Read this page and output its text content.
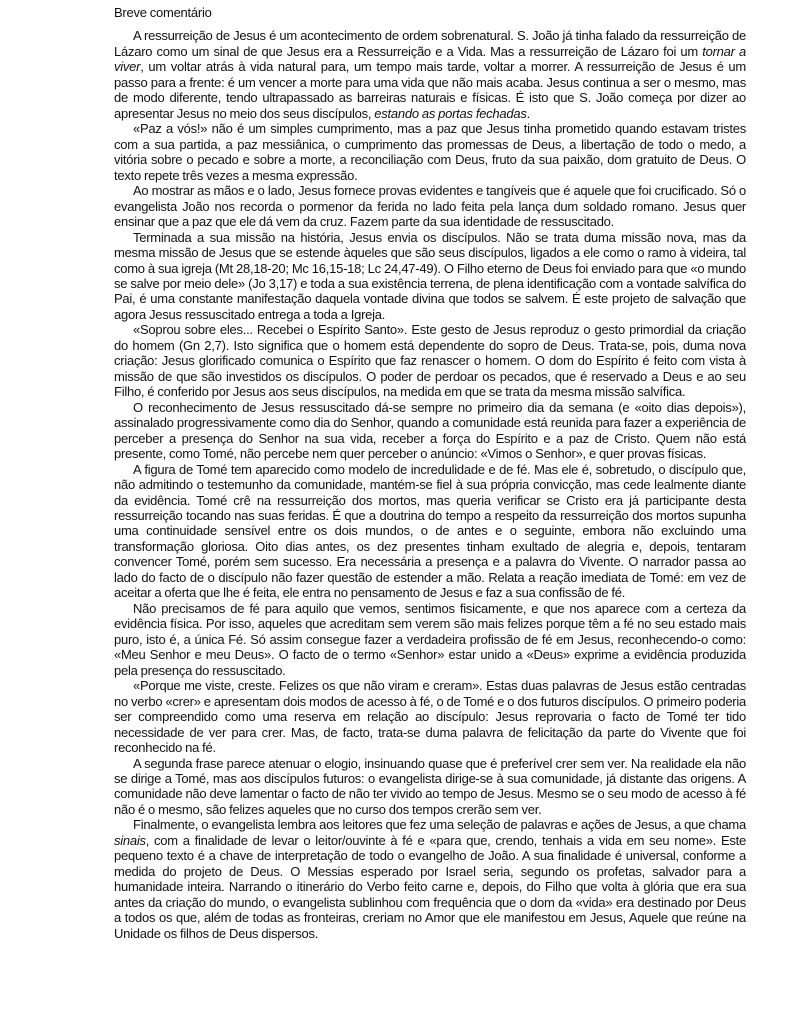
Breve comentário

A ressurreição de Jesus é um acontecimento de ordem sobrenatural. S. João já tinha falado da ressurreição de Lázaro como um sinal de que Jesus era a Ressurreição e a Vida. Mas a ressurreição de Lázaro foi um tornar a viver, um voltar atrás à vida natural para, um tempo mais tarde, voltar a morrer. A ressurreição de Jesus é um passo para a frente: é um vencer a morte para uma vida que não mais acaba. Jesus continua a ser o mesmo, mas de modo diferente, tendo ultrapassado as barreiras naturais e físicas. É isto que S. João começa por dizer ao apresentar Jesus no meio dos seus discípulos, estando as portas fechadas.

«Paz a vós!» não é um simples cumprimento, mas a paz que Jesus tinha prometido quando estavam tristes com a sua partida, a paz messiânica, o cumprimento das promessas de Deus, a libertação de todo o medo, a vitória sobre o pecado e sobre a morte, a reconciliação com Deus, fruto da sua paixão, dom gratuito de Deus. O texto repete três vezes a mesma expressão.

Ao mostrar as mãos e o lado, Jesus fornece provas evidentes e tangíveis que é aquele que foi crucificado. Só o evangelista João nos recorda o pormenor da ferida no lado feita pela lança dum soldado romano. Jesus quer ensinar que a paz que ele dá vem da cruz. Fazem parte da sua identidade de ressuscitado.

Terminada a sua missão na história, Jesus envia os discípulos. Não se trata duma missão nova, mas da mesma missão de Jesus que se estende àqueles que são seus discípulos, ligados a ele como o ramo à videira, tal como à sua igreja (Mt 28,18-20; Mc 16,15-18; Lc 24,47-49). O Filho eterno de Deus foi enviado para que «o mundo se salve por meio dele» (Jo 3,17) e toda a sua existência terrena, de plena identificação com a vontade salvífica do Pai, é uma constante manifestação daquela vontade divina que todos se salvem. É este projeto de salvação que agora Jesus ressuscitado entrega a toda a Igreja.

«Soprou sobre eles... Recebei o Espírito Santo». Este gesto de Jesus reproduz o gesto primordial da criação do homem (Gn 2,7). Isto significa que o homem está dependente do sopro de Deus. Trata-se, pois, duma nova criação: Jesus glorificado comunica o Espírito que faz renascer o homem. O dom do Espírito é feito com vista à missão de que são investidos os discípulos. O poder de perdoar os pecados, que é reservado a Deus e ao seu Filho, é conferido por Jesus aos seus discípulos, na medida em que se trata da mesma missão salvífica.

O reconhecimento de Jesus ressuscitado dá-se sempre no primeiro dia da semana (e «oito dias depois»), assinalado progressivamente como dia do Senhor, quando a comunidade está reunida para fazer a experiência de perceber a presença do Senhor na sua vida, receber a força do Espírito e a paz de Cristo. Quem não está presente, como Tomé, não percebe nem quer perceber o anúncio: «Vimos o Senhor», e quer provas físicas.

A figura de Tomé tem aparecido como modelo de incredulidade e de fé. Mas ele é, sobretudo, o discípulo que, não admitindo o testemunho da comunidade, mantém-se fiel à sua própria convicção, mas cede lealmente diante da evidência. Tomé crê na ressurreição dos mortos, mas queria verificar se Cristo era já participante desta ressurreição tocando nas suas feridas. É que a doutrina do tempo a respeito da ressurreição dos mortos supunha uma continuidade sensível entre os dois mundos, o de antes e o seguinte, embora não excluindo uma transformação gloriosa. Oito dias antes, os dez presentes tinham exultado de alegria e, depois, tentaram convencer Tomé, porém sem sucesso. Era necessária a presença e a palavra do Vivente. O narrador passa ao lado do facto de o discípulo não fazer questão de estender a mão. Relata a reação imediata de Tomé: em vez de aceitar a oferta que lhe é feita, ele entra no pensamento de Jesus e faz a sua confissão de fé.

Não precisamos de fé para aquilo que vemos, sentimos fisicamente, e que nos aparece com a certeza da evidência física. Por isso, aqueles que acreditam sem verem são mais felizes porque têm a fé no seu estado mais puro, isto é, a única Fé. Só assim consegue fazer a verdadeira profissão de fé em Jesus, reconhecendo-o como: «Meu Senhor e meu Deus». O facto de o termo «Senhor» estar unido a «Deus» exprime a evidência produzida pela presença do ressuscitado.

«Porque me viste, creste. Felizes os que não viram e creram». Estas duas palavras de Jesus estão centradas no verbo «crer» e apresentam dois modos de acesso à fé, o de Tomé e o dos futuros discípulos. O primeiro poderia ser compreendido como uma reserva em relação ao discípulo: Jesus reprovaria o facto de Tomé ter tido necessidade de ver para crer. Mas, de facto, trata-se duma palavra de felicitação da parte do Vivente que foi reconhecido na fé.

A segunda frase parece atenuar o elogio, insinuando quase que é preferível crer sem ver. Na realidade ela não se dirige a Tomé, mas aos discípulos futuros: o evangelista dirige-se à sua comunidade, já distante das origens. A comunidade não deve lamentar o facto de não ter vivido ao tempo de Jesus. Mesmo se o seu modo de acesso à fé não é o mesmo, são felizes aqueles que no curso dos tempos crerão sem ver.

Finalmente, o evangelista lembra aos leitores que fez uma seleção de palavras e ações de Jesus, a que chama sinais, com a finalidade de levar o leitor/ouvinte à fé e «para que, crendo, tenhais a vida em seu nome». Este pequeno texto é a chave de interpretação de todo o evangelho de João. A sua finalidade é universal, conforme a medida do projeto de Deus. O Messias esperado por Israel seria, segundo os profetas, salvador para a humanidade inteira. Narrando o itinerário do Verbo feito carne e, depois, do Filho que volta à glória que era sua antes da criação do mundo, o evangelista sublinhou com frequência que o dom da «vida» era destinado por Deus a todos os que, além de todas as fronteiras, creriam no Amor que ele manifestou em Jesus, Aquele que reúne na Unidade os filhos de Deus dispersos.
